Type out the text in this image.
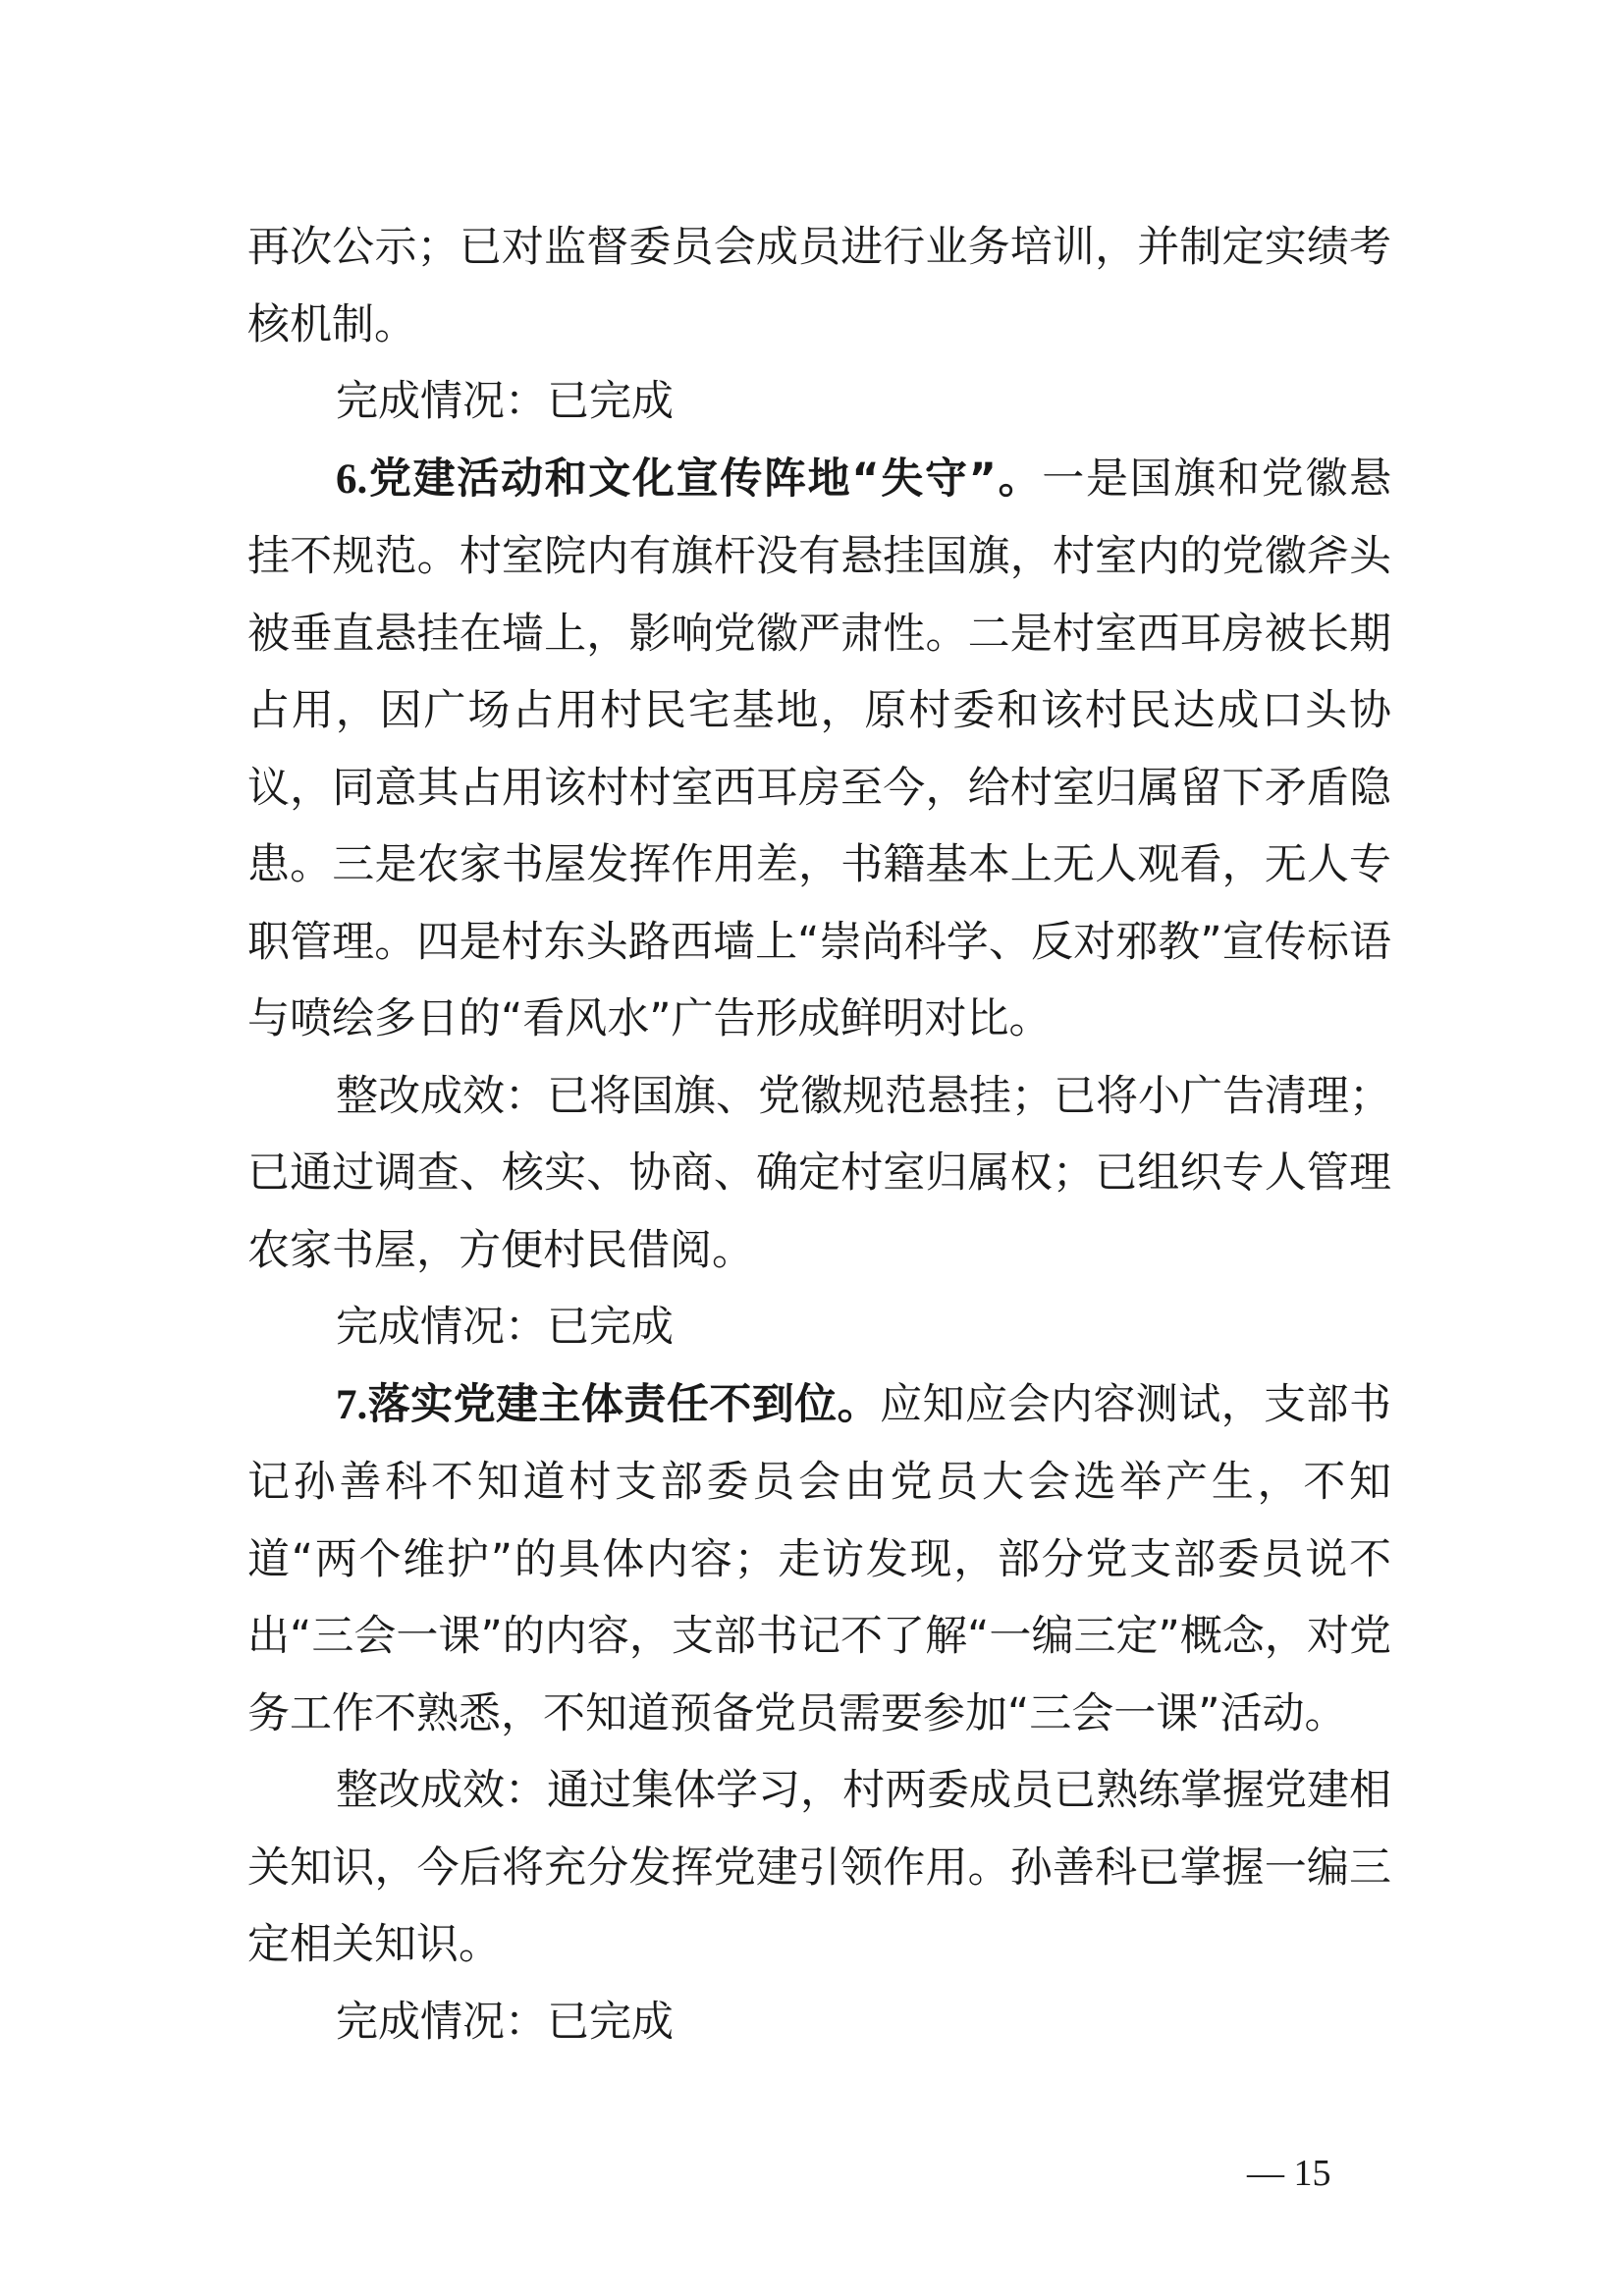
再次公示；已对监督委员会成员进行业务培训，并制定实绩考核机制。

完成情况：已完成

6.党建活动和文化宣传阵地“失守”。一是国旗和党徽悬挂不规范。村室院内有旗杆没有悬挂国旗，村室内的党徽斧头被垂直悬挂在墙上，影响党徽严肃性。二是村室西耳房被长期占用，因广场占用村民宅基地，原村委和该村民达成口头协议，同意其占用该村村室西耳房至今，给村室归属留下矛盾隐患。三是农家书屋发挥作用差，书籍基本上无人观看，无人专职管理。四是村东头路西墙上“崇尚科学、反对邪教”宣传标语与喷绘多日的“看风水”广告形成鲜明对比。

整改成效：已将国旗、党徽规范悬挂；已将小广告清理；已通过调查、核实、协商、确定村室归属权；已组织专人管理农家书屋，方便村民借阅。

完成情况：已完成

7.落实党建主体责任不到位。应知应会内容测试，支部书记孙善科不知道村支部委员会由党员大会选举产生，不知道“两个维护”的具体内容；走访发现，部分党支部委员说不出“三会一课”的内容，支部书记不了解“一编三定”概念，对党务工作不熟悉，不知道预备党员需要参加“三会一课”活动。

整改成效：通过集体学习，村两委成员已熟练掌握党建相关知识，今后将充分发挥党建引领作用。孙善科已掌握一编三定相关知识。

完成情况：已完成

— 15
